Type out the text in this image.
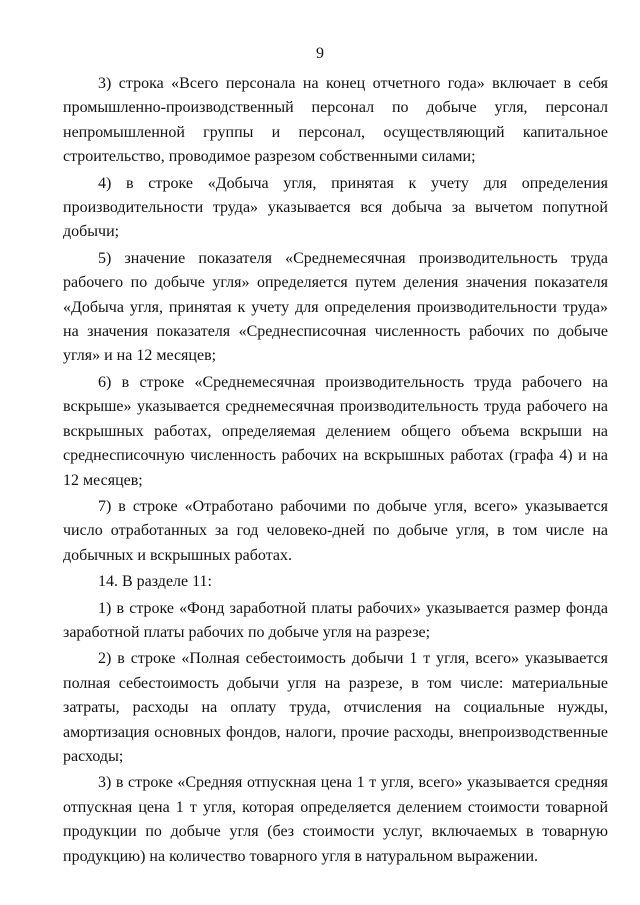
9

3) строка «Всего персонала на конец отчетного года» включает в себя промышленно-производственный персонал по добыче угля, персонал непромышленной группы и персонал, осуществляющий капитальное строительство, проводимое разрезом собственными силами;

4) в строке «Добыча угля, принятая к учету для определения производительности труда» указывается вся добыча за вычетом попутной добычи;

5) значение показателя «Среднемесячная производительность труда рабочего по добыче угля» определяется путем деления значения показателя «Добыча угля, принятая к учету для определения производительности труда» на значения показателя «Среднесписочная численность рабочих по добыче угля» и на 12 месяцев;

6) в строке «Среднемесячная производительность труда рабочего на вскрыше» указывается среднемесячная производительность труда рабочего на вскрышных работах, определяемая делением общего объема вскрыши на среднесписочную численность рабочих на вскрышных работах (графа 4) и на 12 месяцев;

7) в строке «Отработано рабочими по добыче угля, всего» указывается число отработанных за год человеко-дней по добыче угля, в том числе на добычных и вскрышных работах.

14. В разделе 11:

1) в строке «Фонд заработной платы рабочих» указывается размер фонда заработной платы рабочих по добыче угля на разрезе;

2) в строке «Полная себестоимость добычи 1 т угля, всего» указывается полная себестоимость добычи угля на разрезе, в том числе: материальные затраты, расходы на оплату труда, отчисления на социальные нужды, амортизация основных фондов, налоги, прочие расходы, внепроизводственные расходы;

3) в строке «Средняя отпускная цена 1 т угля, всего» указывается средняя отпускная цена 1 т угля, которая определяется делением стоимости товарной продукции по добыче угля (без стоимости услуг, включаемых в товарную продукцию) на количество товарного угля в натуральном выражении.
